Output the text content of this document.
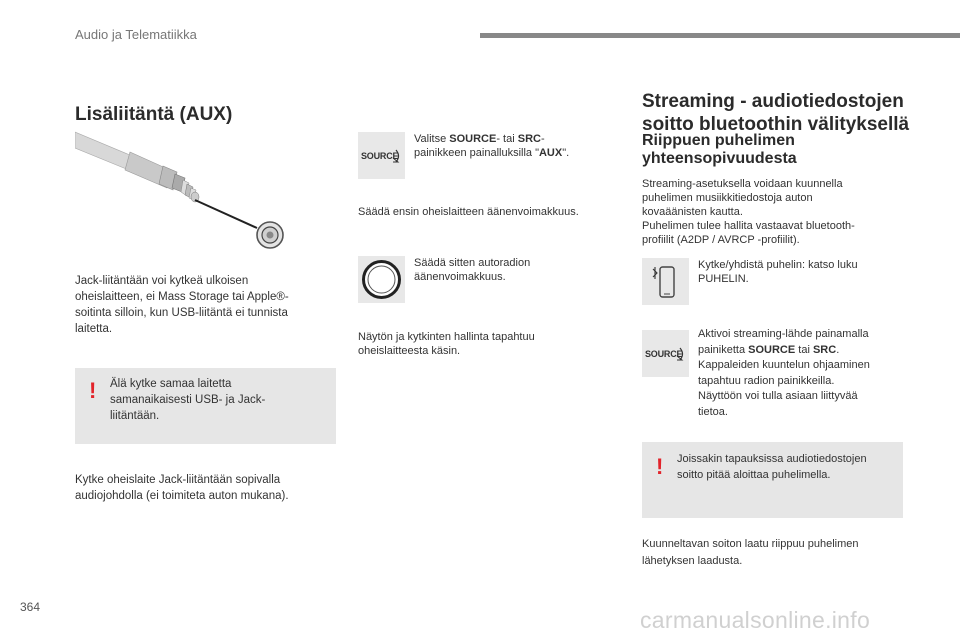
Audio ja Telematiikka
Lisäliitäntä (AUX)
Jack-liitäntään voi kytkeä ulkoisen
oheislaitteen, ei Mass Storage tai Apple®-
soitinta silloin, kun USB-liitäntä ei tunnista
laitetta.
! Älä kytke samaa laitetta
samanaikaisesti USB- ja Jack-
liitäntään.
Kytke oheislaite Jack-liitäntään sopivalla
audiojohdolla (ei toimiteta auton mukana).
SOURCE
Valitse SOURCE- tai SRC-
painikkeen painalluksilla "AUX".
Säädä ensin oheislaitteen äänenvoimakkuus.
Säädä sitten autoradion
äänenvoimakkuus.
Näytön ja kytkinten hallinta tapahtuu
oheislaitteesta käsin.
Streaming - audiotiedostojen
soitto bluetoothin välityksellä
Riippuen puhelimen
yhteensopivuudesta
Streaming-asetuksella voidaan kuunnella
puhelimen musiikkitiedostoja auton
kovaäänisten kautta.
Puhelimen tulee hallita vastaavat bluetooth-
profiilit (A2DP / AVRCP -profiilit).
Kytke/yhdistä puhelin: katso luku
PUHELIN.
SOURCE
Aktivoi streaming-lähde painamalla
painiketta SOURCE tai SRC.
Kappaleiden kuuntelun ohjaaminen
tapahtuu radion painikkeilla.
Näyttöön voi tulla asiaan liittyvää
tietoa.
! Joissakin tapauksissa audiotiedostojen
soitto pitää aloittaa puhelimella.
Kuunneltavan soiton laatu riippuu puhelimen
lähetyksen laadusta.
364	carmanualsonline.info
